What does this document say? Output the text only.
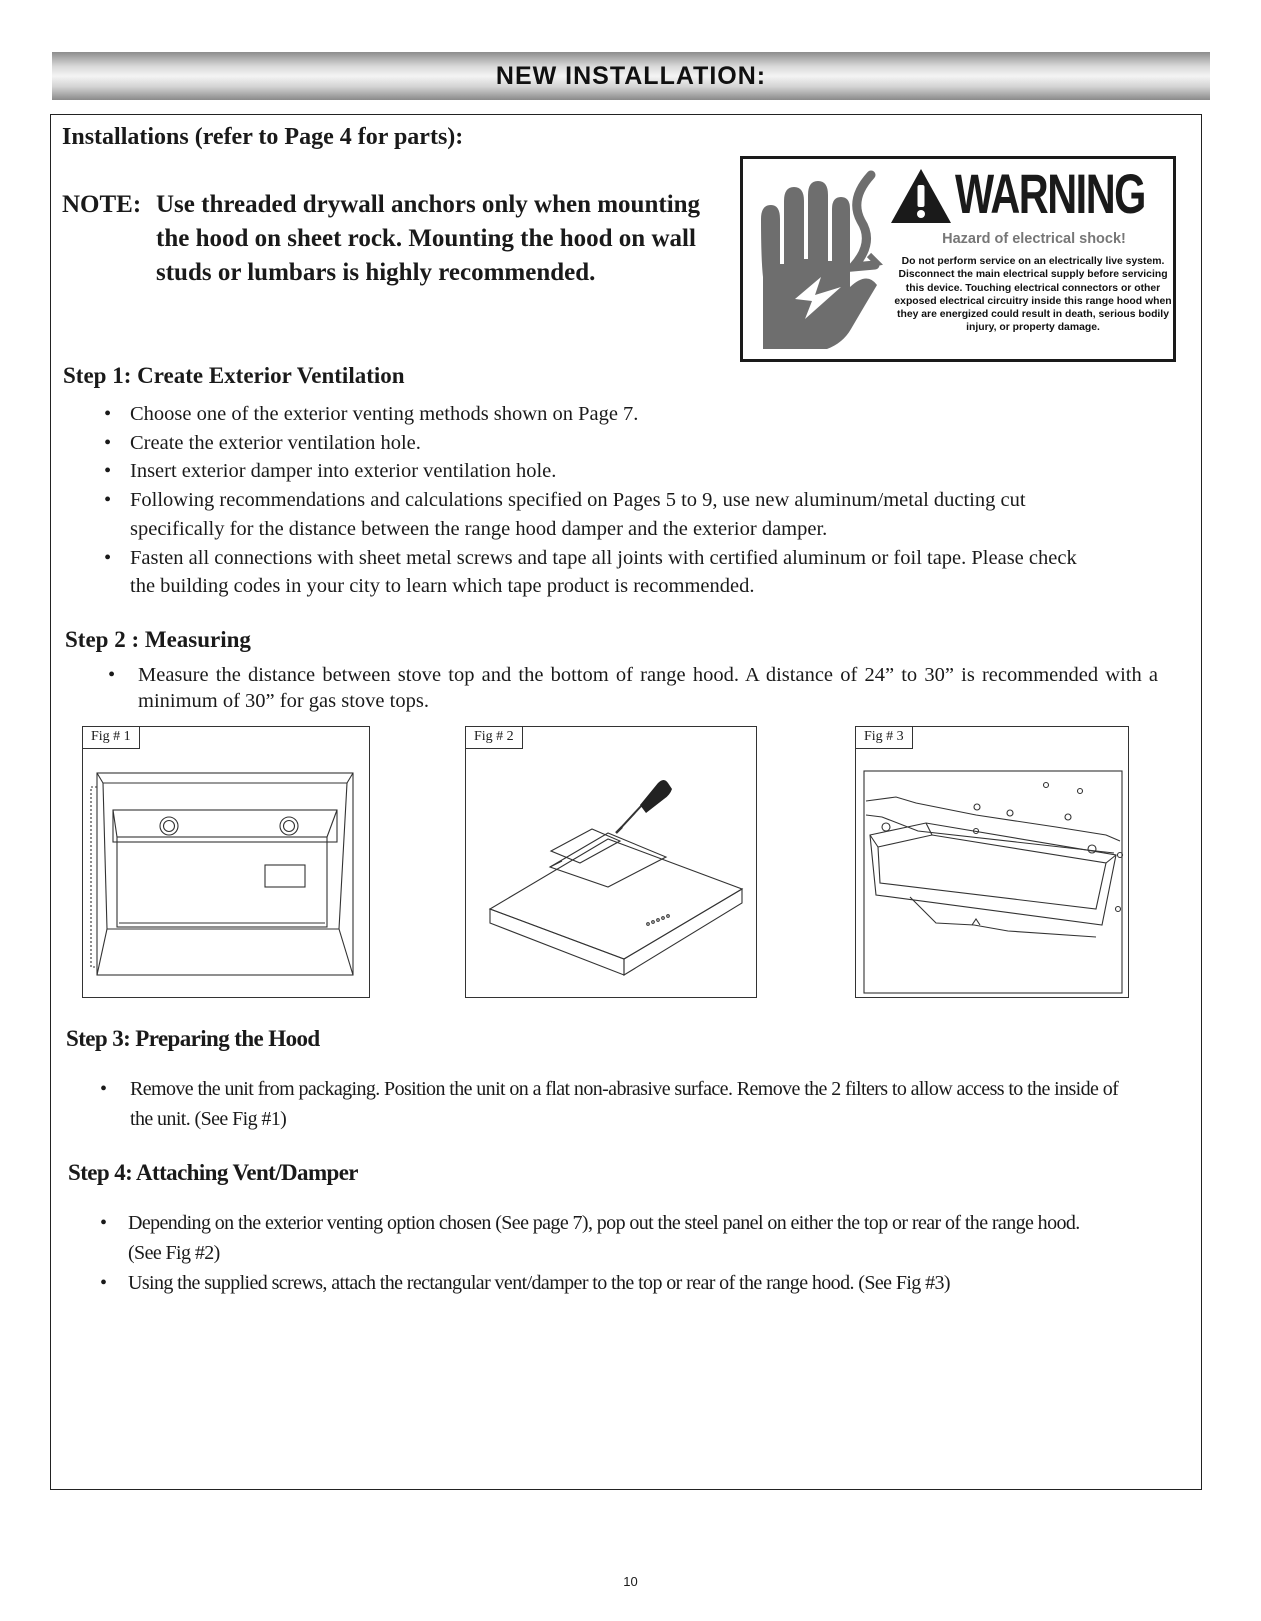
NEW INSTALLATION:
Installations (refer to Page 4 for parts):
NOTE: Use threaded drywall anchors only when mounting the hood on sheet rock. Mounting the hood on wall studs or lumbars is highly recommended.
WARNING
Hazard of electrical shock!
Do not perform service on an electrically live system. Disconnect the main electrical supply before servicing this device. Touching electrical connectors or other exposed electrical circuitry inside this range hood when they are energized could result in death, serious bodily injury, or property damage.
Step 1: Create Exterior Ventilation
• Choose one of the exterior venting methods shown on Page 7.
• Create the exterior ventilation hole.
• Insert exterior damper into exterior ventilation hole.
• Following recommendations and calculations specified on Pages 5 to 9, use new aluminum/metal ducting cut specifically for the distance between the range hood damper and the exterior damper.
• Fasten all connections with sheet metal screws and tape all joints with certified aluminum or foil tape. Please check the building codes in your city to learn which tape product is recommended.
Step 2 : Measuring
• Measure the distance between stove top and the bottom of range hood. A distance of 24” to 30” is recommended with a minimum of 30” for gas stove tops.
Fig # 1	Fig # 2	Fig # 3
Step 3: Preparing the Hood
• Remove the unit from packaging. Position the unit on a flat non-abrasive surface. Remove the 2 filters to allow access to the inside of the unit. (See Fig #1)
Step 4: Attaching Vent/Damper
• Depending on the exterior venting option chosen (See page 7), pop out the steel panel on either the top or rear of the range hood. (See Fig #2)
• Using the supplied screws, attach the rectangular vent/damper to the top or rear of the range hood. (See Fig #3)
10
